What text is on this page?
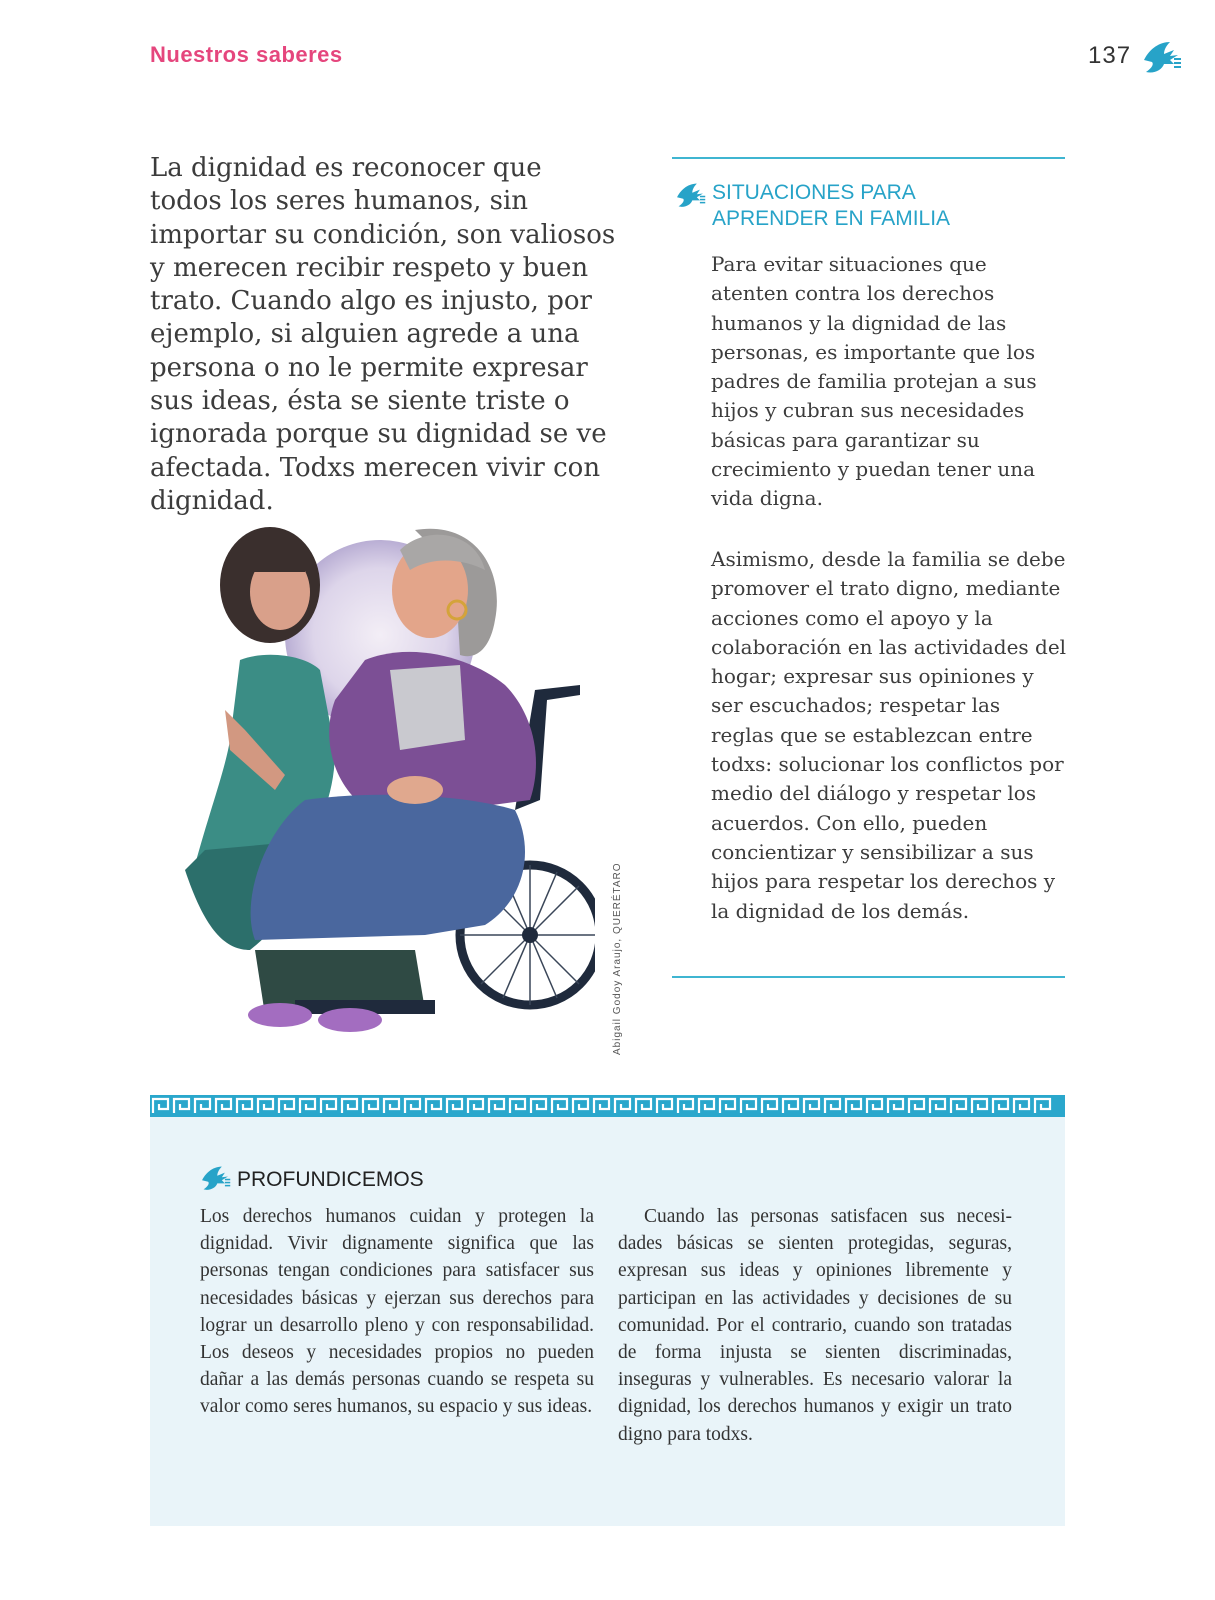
Nuestros saberes	137
La dignidad es reconocer que todos los seres humanos, sin importar su condición, son valiosos y merecen recibir respeto y buen trato. Cuando algo es injusto, por ejemplo, si alguien agrede a una persona o no le permite expresar sus ideas, ésta se siente triste o ignorada porque su dignidad se ve afectada. Todxs merecen vivir con dignidad.
SITUACIONES PARA
APRENDER EN FAMILIA
Para evitar situaciones que atenten contra los derechos humanos y la dignidad de las personas, es importante que los padres de familia protejan a sus hijos y cubran sus necesidades básicas para garantizar su crecimiento y puedan tener una vida digna.
Asimismo, desde la familia se debe promover el trato digno, mediante acciones como el apoyo y la colaboración en las actividades del hogar; expresar sus opiniones y ser escuchados; respetar las reglas que se establezcan entre todxs: solucionar los conflictos por medio del diálogo y respetar los acuerdos. Con ello, pueden concientizar y sensibilizar a sus hijos para respetar los derechos y la dignidad de los demás.
Abigail Godoy Araujo, QUERÉTARO
PROFUNDICEMOS
Los derechos humanos cuidan y protegen la dignidad. Vivir dignamente significa que las personas tengan condiciones para satisfacer sus necesidades básicas y ejerzan sus derechos para lograr un desarrollo pleno y con responsabilidad. Los deseos y necesidades propios no pueden dañar a las demás personas cuando se respeta su valor como seres humanos, su espacio y sus ideas.
Cuando las personas satisfacen sus necesidades básicas se sienten protegidas, seguras, expresan sus ideas y opiniones libremente y participan en las actividades y decisiones de su comunidad. Por el contrario, cuando son tratadas de forma injusta se sienten discriminadas, inseguras y vulnerables. Es necesario valorar la dignidad, los derechos humanos y exigir un trato digno para todxs.
